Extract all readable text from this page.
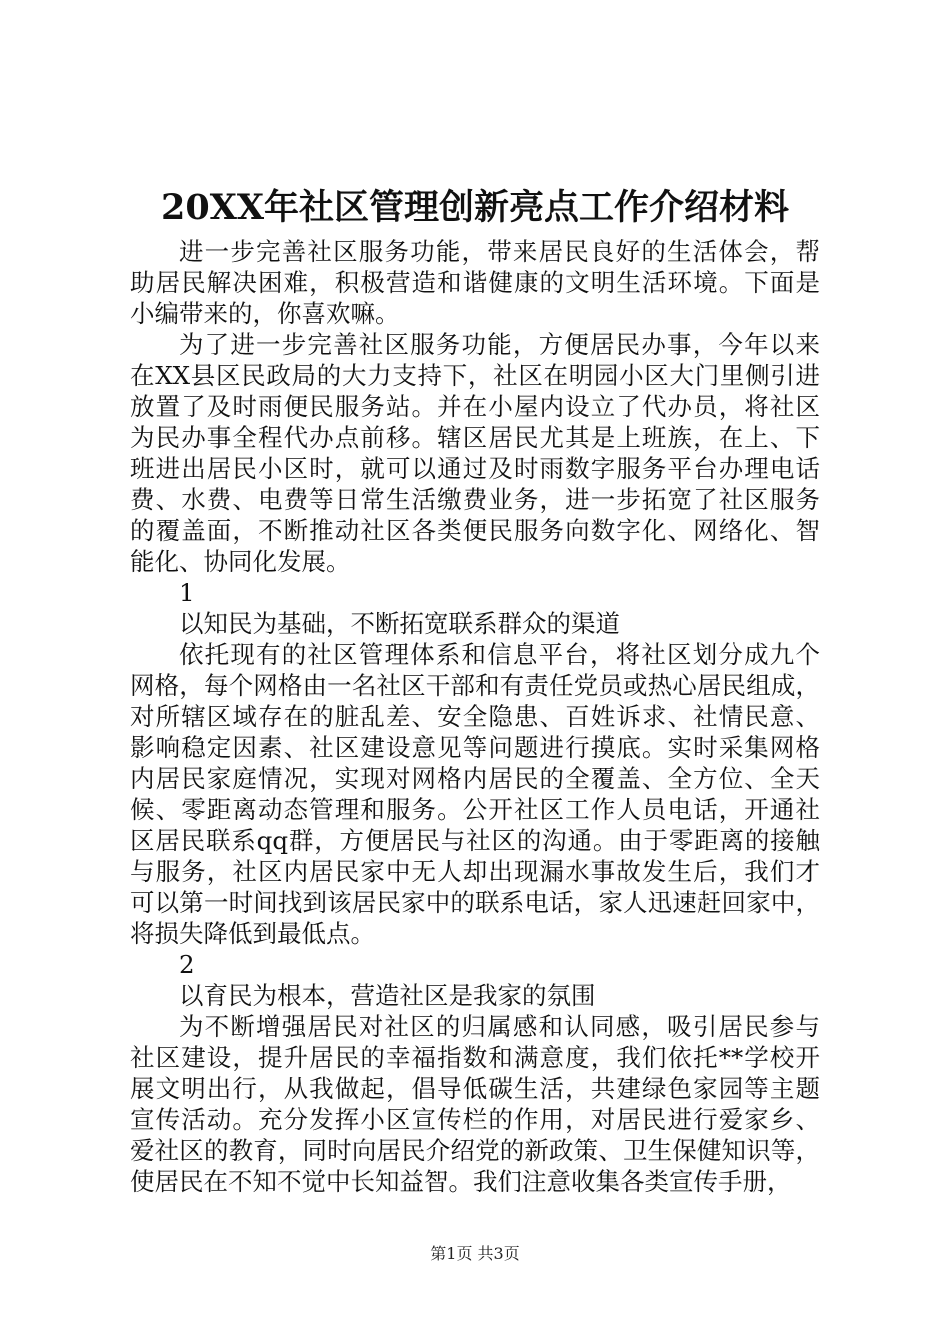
20XX年社区管理创新亮点工作介绍材料
进一步完善社区服务功能，带来居民良好的生活体会，帮
助居民解决困难，积极营造和谐健康的文明生活环境。下面是
小编带来的，你喜欢嘛。
为了进一步完善社区服务功能，方便居民办事，今年以来
在XX县区民政局的大力支持下，社区在明园小区大门里侧引进
放置了及时雨便民服务站。并在小屋内设立了代办员，将社区
为民办事全程代办点前移。辖区居民尤其是上班族，在上、下
班进出居民小区时，就可以通过及时雨数字服务平台办理电话
费、水费、电费等日常生活缴费业务，进一步拓宽了社区服务
的覆盖面，不断推动社区各类便民服务向数字化、网络化、智
能化、协同化发展。
1
以知民为基础，不断拓宽联系群众的渠道
依托现有的社区管理体系和信息平台，将社区划分成九个
网格，每个网格由一名社区干部和有责任党员或热心居民组成，
对所辖区域存在的脏乱差、安全隐患、百姓诉求、社情民意、
影响稳定因素、社区建设意见等问题进行摸底。实时采集网格
内居民家庭情况，实现对网格内居民的全覆盖、全方位、全天
候、零距离动态管理和服务。公开社区工作人员电话，开通社
区居民联系qq群，方便居民与社区的沟通。由于零距离的接触
与服务，社区内居民家中无人却出现漏水事故发生后，我们才
可以第一时间找到该居民家中的联系电话，家人迅速赶回家中，
将损失降低到最低点。
2
以育民为根本，营造社区是我家的氛围
为不断增强居民对社区的归属感和认同感，吸引居民参与
社区建设，提升居民的幸福指数和满意度，我们依托**学校开
展文明出行，从我做起，倡导低碳生活，共建绿色家园等主题
宣传活动。充分发挥小区宣传栏的作用，对居民进行爱家乡、
爱社区的教育，同时向居民介绍党的新政策、卫生保健知识等，
使居民在不知不觉中长知益智。我们注意收集各类宣传手册，
第1页 共3页
